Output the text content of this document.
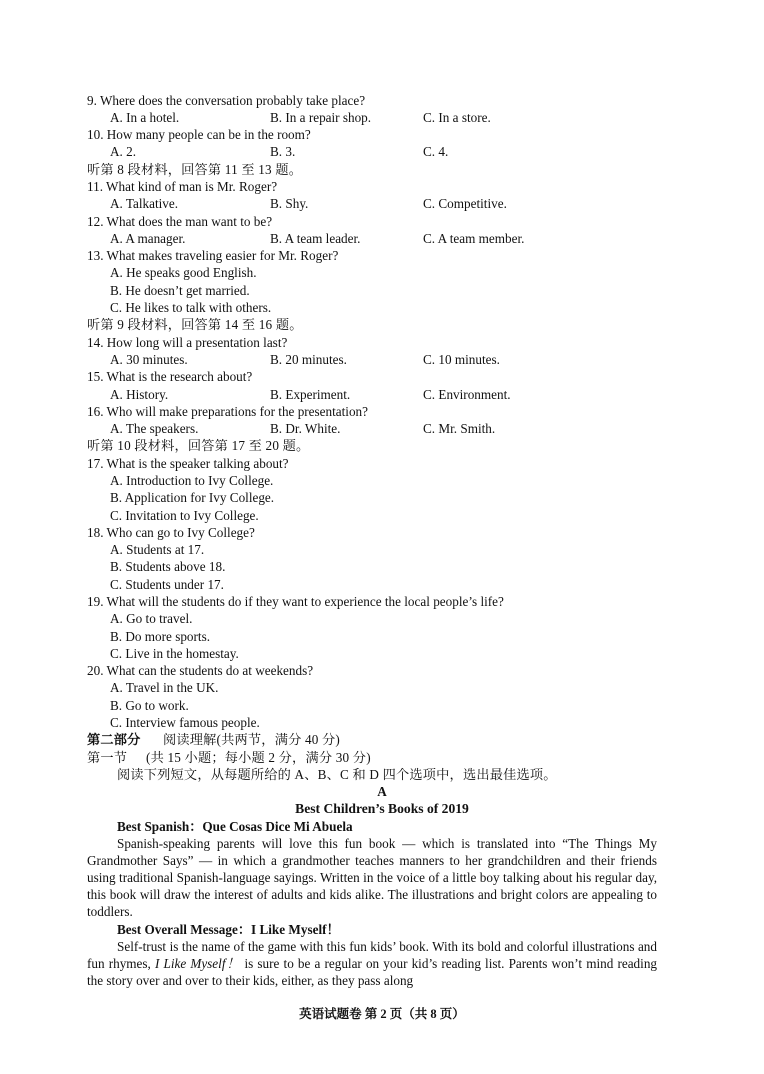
9. Where does the conversation probably take place?
A. In a hotel.	B. In a repair shop.	C. In a store.
10. How many people can be in the room?
A. 2.	B. 3.	C. 4.
听第 8 段材料，回答第 11 至 13 题。
11. What kind of man is Mr. Roger?
A. Talkative.	B. Shy.	C. Competitive.
12. What does the man want to be?
A. A manager.	B. A team leader.	C. A team member.
13. What makes traveling easier for Mr. Roger?
A. He speaks good English.
B. He doesn’t get married.
C. He likes to talk with others.
听第 9 段材料，回答第 14 至 16 题。
14. How long will a presentation last?
A. 30 minutes.	B. 20 minutes.	C. 10 minutes.
15. What is the research about?
A. History.	B. Experiment.	C. Environment.
16. Who will make preparations for the presentation?
A. The speakers.	B. Dr. White.	C. Mr. Smith.
听第 10 段材料，回答第 17 至 20 题。
17. What is the speaker talking about?
A. Introduction to Ivy College.
B. Application for Ivy College.
C. Invitation to Ivy College.
18. Who can go to Ivy College?
A. Students at 17.
B. Students above 18.
C. Students under 17.
19. What will the students do if they want to experience the local people’s life?
A. Go to travel.
B. Do more sports.
C. Live in the homestay.
20. What can the students do at weekends?
A. Travel in the UK.
B. Go to work.
C. Interview famous people.
第二部分 阅读理解(共两节，满分 40 分)
第一节 (共 15 小题；每小题 2 分，满分 30 分)
阅读下列短文，从每题所给的 A、B、C 和 D 四个选项中，选出最佳选项。
A
Best Children’s Books of 2019
Best Spanish：Que Cosas Dice Mi Abuela
Spanish-speaking parents will love this fun book — which is translated into “The Things My Grandmother Says” — in which a grandmother teaches manners to her grandchildren and their friends using traditional Spanish-language sayings. Written in the voice of a little boy talking about his regular day, this book will draw the interest of adults and kids alike. The illustrations and bright colors are appealing to toddlers.
Best Overall Message：I Like Myself！
Self-trust is the name of the game with this fun kids’ book. With its bold and colorful illustrations and fun rhymes, I Like Myself！ is sure to be a regular on your kid’s reading list. Parents won’t mind reading the story over and over to their kids, either, as they pass along
英语试题卷 第 2 页（共 8 页）
